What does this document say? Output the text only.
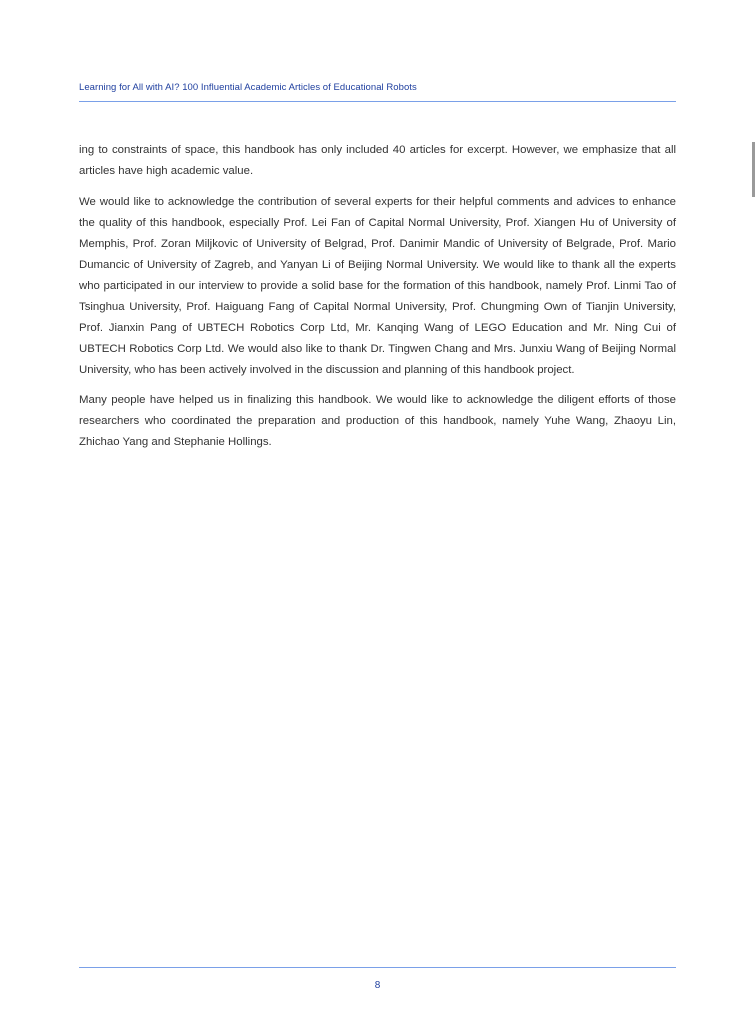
Learning for All with AI? 100 Influential Academic Articles of Educational Robots

ing to constraints of space, this handbook has only included 40 articles for excerpt. However, we emphasize that all articles have high academic value.

We would like to acknowledge the contribution of several experts for their helpful comments and advices to enhance the quality of this handbook, especially Prof. Lei Fan of Capital Normal University, Prof. Xiangen Hu of University of Memphis, Prof. Zoran Miljkovic of University of Belgrad, Prof. Danimir Mandic of University of Belgrade, Prof. Mario Dumancic of University of Zagreb, and Yanyan Li of Beijing Normal University. We would like to thank all the experts who participated in our interview to provide a solid base for the formation of this handbook, namely Prof. Linmi Tao of Tsinghua University, Prof. Haiguang Fang of Capital Normal University, Prof. Chungming Own of Tianjin University, Prof. Jianxin Pang of UBTECH Robotics Corp Ltd, Mr. Kanqing Wang of LEGO Education and Mr. Ning Cui of UBTECH Robotics Corp Ltd. We would also like to thank Dr. Tingwen Chang and Mrs. Junxiu Wang of Beijing Normal University, who has been actively involved in the discussion and planning of this handbook project.

Many people have helped us in finalizing this handbook. We would like to acknowledge the diligent efforts of those researchers who coordinated the preparation and production of this handbook, namely Yuhe Wang, Zhaoyu Lin, Zhichao Yang and Stephanie Hollings.

8
